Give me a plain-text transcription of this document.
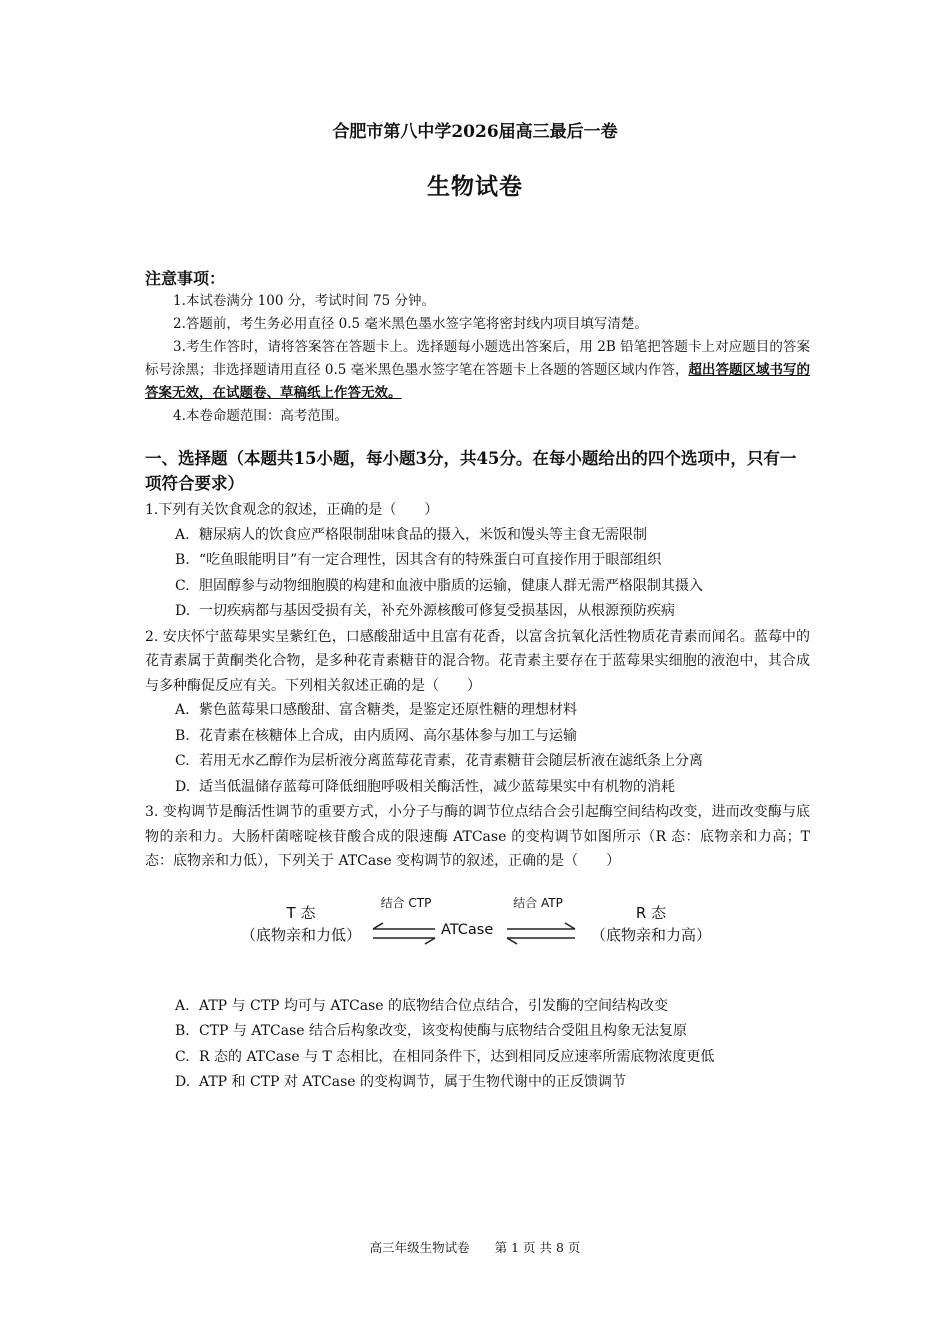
合肥市第八中学2026届高三最后一卷
生物试卷
注意事项：
1.本试卷满分 100 分，考试时间 75 分钟。
2.答题前，考生务必用直径 0.5 毫米黑色墨水签字笔将密封线内项目填写清楚。
3.考生作答时，请将答案答在答题卡上。选择题每小题选出答案后，用 2B 铅笔把答题卡上对应题目的答案标号涂黑；非选择题请用直径 0.5 毫米黑色墨水签字笔在答题卡上各题的答题区域内作答，超出答题区域书写的答案无效，在试题卷、草稿纸上作答无效。
4.本卷命题范围：高考范围。
一、选择题（本题共15小题，每小题3分，共45分。在每小题给出的四个选项中，只有一项符合要求）
1.下列有关饮食观念的叙述，正确的是（　　）
A. 糖尿病人的饮食应严格限制甜味食品的摄入，米饭和馒头等主食无需限制
B. “吃鱼眼能明目”有一定合理性，因其含有的特殊蛋白可直接作用于眼部组织
C. 胆固醇参与动物细胞膜的构建和血液中脂质的运输，健康人群无需严格限制其摄入
D. 一切疾病都与基因受损有关，补充外源核酸可修复受损基因，从根源预防疾病
2. 安庆怀宁蓝莓果实呈紫红色，口感酸甜适中且富有花香，以富含抗氧化活性物质花青素而闻名。蓝莓中的花青素属于黄酮类化合物，是多种花青素糖苷的混合物。花青素主要存在于蓝莓果实细胞的液泡中，其合成与多种酶促反应有关。下列相关叙述正确的是（　　）
A. 紫色蓝莓果口感酸甜、富含糖类，是鉴定还原性糖的理想材料
B. 花青素在核糖体上合成，由内质网、高尔基体参与加工与运输
C. 若用无水乙醇作为层析液分离蓝莓花青素，花青素糖苷会随层析液在滤纸条上分离
D. 适当低温储存蓝莓可降低细胞呼吸相关酶活性，减少蓝莓果实中有机物的消耗
3. 变构调节是酶活性调节的重要方式，小分子与酶的调节位点结合会引起酶空间结构改变，进而改变酶与底物的亲和力。大肠杆菌嘧啶核苷酸合成的限速酶 ATCase 的变构调节如图所示（R 态：底物亲和力高；T 态：底物亲和力低），下列关于 ATCase 变构调节的叙述，正确的是（　　）
T 态
（底物亲和力低）
结合 CTP
ATCase
结合 ATP
R 态
（底物亲和力高）
A. ATP 与 CTP 均可与 ATCase 的底物结合位点结合，引发酶的空间结构改变
B. CTP 与 ATCase 结合后构象改变，该变构使酶与底物结合受阻且构象无法复原
C. R 态的 ATCase 与 T 态相比，在相同条件下，达到相同反应速率所需底物浓度更低
D. ATP 和 CTP 对 ATCase 的变构调节，属于生物代谢中的正反馈调节
高三年级生物试卷　　第 1 页 共 8 页
